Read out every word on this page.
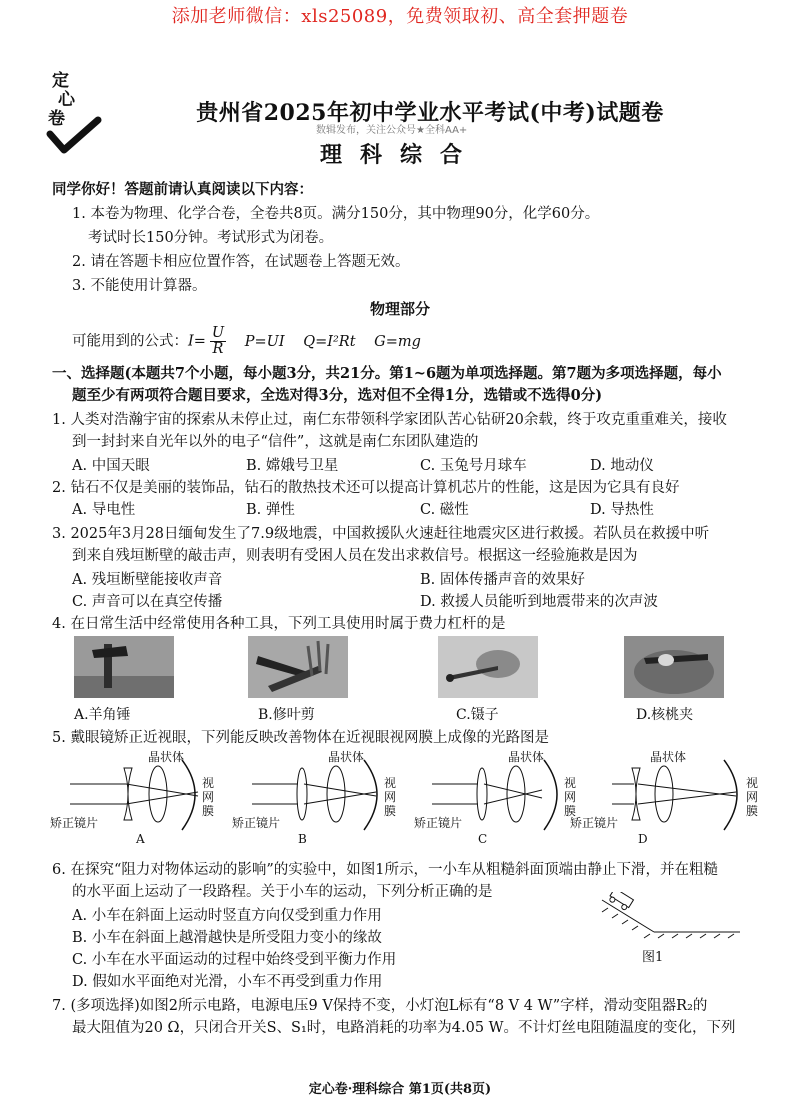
添加老师微信：xls25089，免费领取初、高全套押题卷
定
心
卷	贵州省2025年初中学业水平考试(中考)试题卷
数辑发布，关注公众号★全科AA+
理科综合
同学你好！答题前请认真阅读以下内容：
1. 本卷为物理、化学合卷，全卷共8页。满分150分，其中物理90分，化学60分。
考试时长150分钟。考试形式为闭卷。
2. 请在答题卡相应位置作答，在试题卷上答题无效。
3. 不能使用计算器。
物理部分
可能用到的公式：$I= \frac{U}{R} P=UI$ Q=I²Rt G=mg
一、选择题(本题共7个小题，每小题3分，共21分。第1~6题为单项选择题。第7题为多项选择题，每小
题至少有两项符合题目要求，全选对得3分，选对但不全得1分，选错或不选得0分)
1. 人类对浩瀚宇宙的探索从未停止过，南仁东带领科学家团队苦心钻研20余载，终于攻克重重难关，接收
到一封封来自光年以外的电子“信件”，这就是南仁东团队建造的
A. 中国天眼	B. 嫦娥号卫星	C. 玉兔号月球车	D. 地动仪
2. 钻石不仅是美丽的装饰品，钻石的散热技术还可以提高计算机芯片的性能，这是因为它具有良好
A. 导电性	B. 弹性	C. 磁性	D. 导热性
3. 2025年3月28日缅甸发生了7.9级地震，中国救援队火速赶往地震灾区进行救援。若队员在救援中听
到来自残垣断壁的敲击声，则表明有受困人员在发出求救信号。根据这一经验施救是因为
A. 残垣断壁能接收声音	B. 固体传播声音的效果好
C. 声音可以在真空传播	D. 救援人员能听到地震带来的次声波
4. 在日常生活中经常使用各种工具，下列工具使用时属于费力杠杆的是
A.羊角锤	B.修叶剪	C.镊子	D.核桃夹
5. 戴眼镜矫正近视眼，下列能反映改善物体在近视眼视网膜上成像的光路图是
晶状体
视网膜
矫正镜片
A
晶状体
视网膜
矫正镜片
B
晶状体
视网膜
矫正镜片
C
晶状体
视网膜
矫正镜片
D
6. 在探究“阻力对物体运动的影响”的实验中，如图1所示，一小车从粗糙斜面顶端由静止下滑，并在粗糙
的水平面上运动了一段路程。关于小车的运动，下列分析正确的是
A. 小车在斜面上运动时竖直方向仅受到重力作用
B. 小车在斜面上越滑越快是所受阻力变小的缘故
C. 小车在水平面运动的过程中始终受到平衡力作用
D. 假如水平面绝对光滑，小车不再受到重力作用
图1
7. (多项选择)如图2所示电路，电源电压9 V保持不变，小灯泡L标有“8 V 4 W”字样，滑动变阻器R₂的
最大阻值为20 Ω，只闭合开关S、S₁时，电路消耗的功率为4.05 W。不计灯丝电阻随温度的变化，下列
定心卷·理科综合 第1页(共8页)
